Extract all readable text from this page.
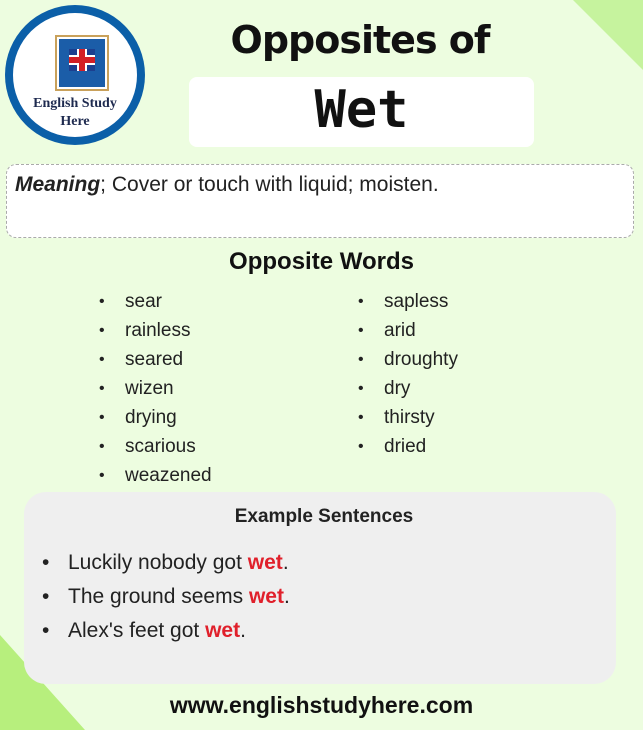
English Study
Here
Opposites of
Wet
Meaning; Cover or touch with liquid; moisten.
Opposite Words
• sear
• rainless
• seared
• wizen
• drying
• scarious
• weazened
• sapless
• arid
• droughty
• dry
• thirsty
• dried
Example Sentences
• Luckily nobody got wet.
• The ground seems wet.
• Alex's feet got wet.
www.englishstudyhere.com
